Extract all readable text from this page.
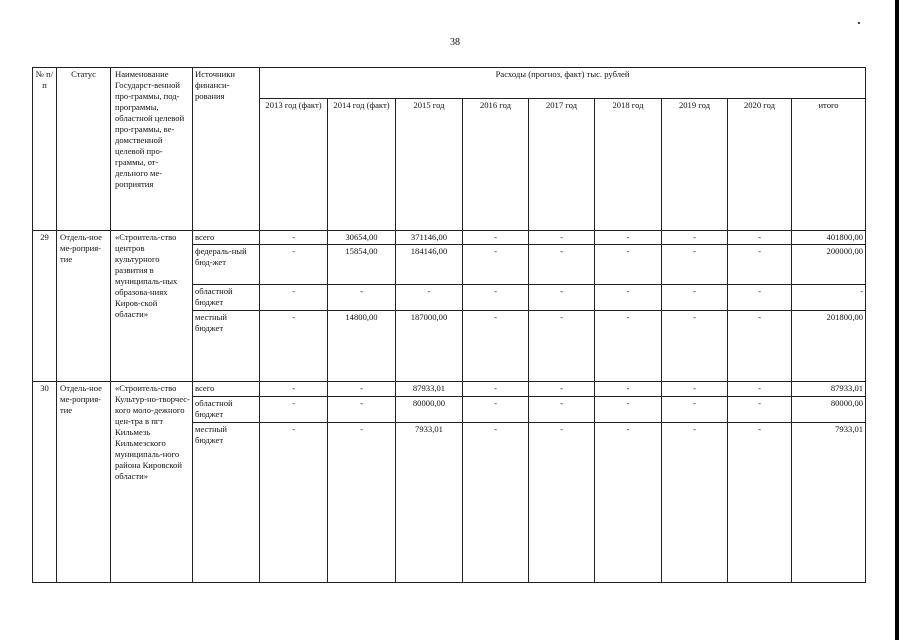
38
№ п/п	Статус	Наименование Государст-венной про-граммы, под-программы, областной целевой про-граммы, ве-домственной целевой про-граммы, от-дельного ме-роприятия	Источники финанси-рования	Расходы (прогноз, факт) тыс. рублей								
				2013 год (факт)	2014 год (факт)	2015 год	2016 год	2017 год	2018 год	2019 год	2020 год	итого
29	Отдель-ное ме-роприя-тие	«Строитель-ство центров культурного развития в муниципаль-ных образова-ниях Киров-ской области»	всего	-	30654,00	371146,00	-	-	-	-	-	401800,00
			федераль-ный бюд-жет	-	15854,00	184146,00	-	-	-	-	-	200000,00
			областной бюджет	-	-	-	-	-	-	-	-	-
			местный бюджет	-	14800,00	187000,00	-	-	-	-	-	201800,00
30	Отдель-ное ме-роприя-тие	«Строитель-ство Культур-но-творчес-кого моло-дежного цен-тра в пгт Кильмезь Кильмезского муниципаль-ного района Кировской области»	всего	-	-	87933,01	-	-	-	-	-	87933,01
			областной бюджет	-	-	80000,00	-	-	-	-	-	80000,00
			местный бюджет	-	-	7933,01	-	-	-	-	-	7933,01
